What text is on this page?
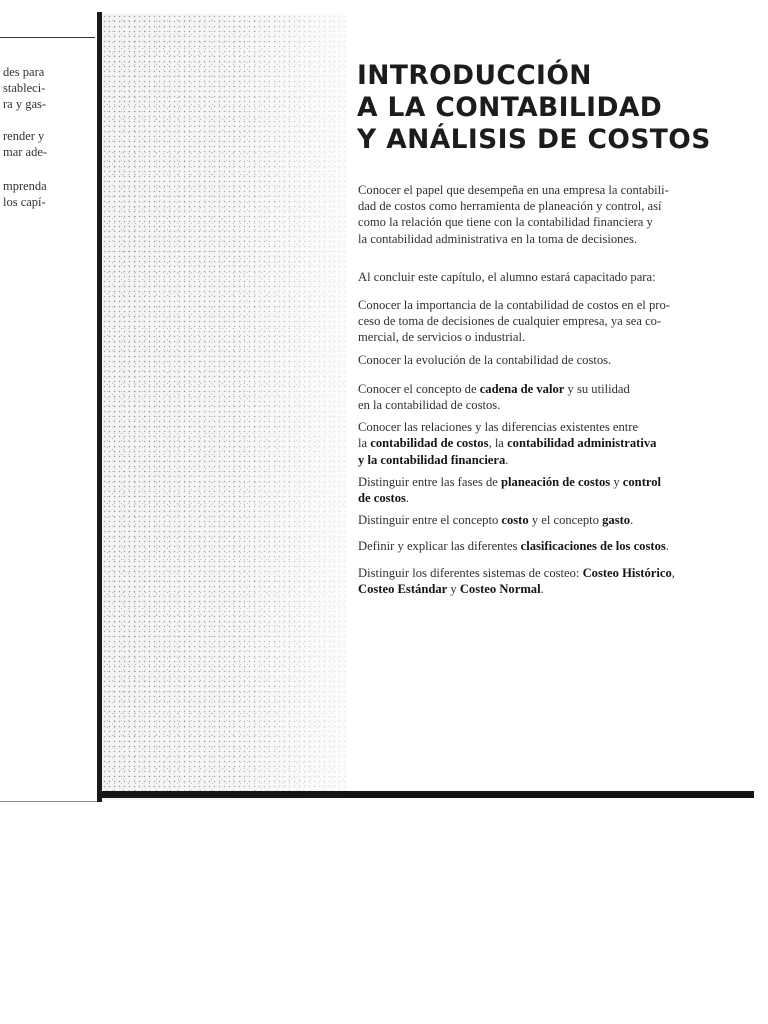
des para
stableci-
ra y gas-
render y
mar ade-
mprenda
los capí-
INTRODUCCIÓN
A LA CONTABILIDAD
Y ANÁLISIS DE COSTOS
Conocer el papel que desempeña en una empresa la contabili-
dad de costos como herramienta de planeación y control, así
como la relación que tiene con la contabilidad financiera y
la contabilidad administrativa en la toma de decisiones.
Al concluir este capítulo, el alumno estará capacitado para:
Conocer la importancia de la contabilidad de costos en el pro-
ceso de toma de decisiones de cualquier empresa, ya sea co-
mercial, de servicios o industrial.
Conocer la evolución de la contabilidad de costos.
Conocer el concepto de cadena de valor y su utilidad
en la contabilidad de costos.
Conocer las relaciones y las diferencias existentes entre
la contabilidad de costos, la contabilidad administrativa
y la contabilidad financiera.
Distinguir entre las fases de planeación de costos y control
de costos.
Distinguir entre el concepto costo y el concepto gasto.
Definir y explicar las diferentes clasificaciones de los costos.
Distinguir los diferentes sistemas de costeo: Costeo Histórico,
Costeo Estándar y Costeo Normal.
